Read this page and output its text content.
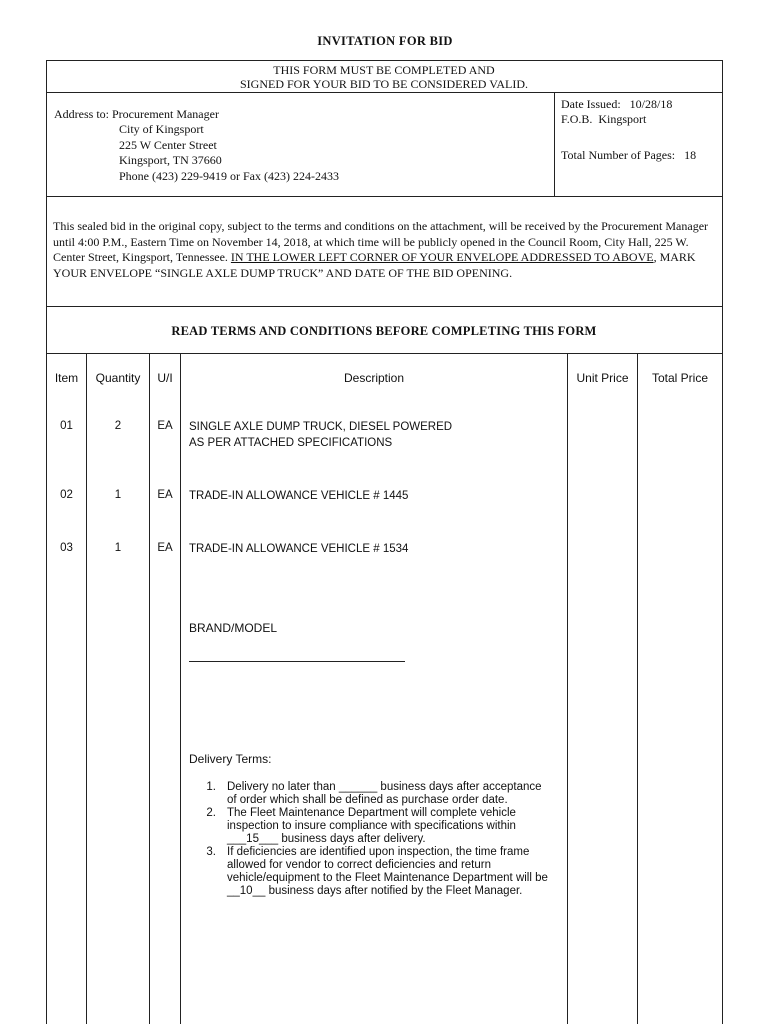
INVITATION FOR BID
THIS FORM MUST BE COMPLETED AND
SIGNED FOR YOUR BID TO BE CONSIDERED VALID.
Address to: Procurement Manager
City of Kingsport
225 W Center Street
Kingsport, TN 37660
Phone (423) 229-9419 or Fax (423) 224-2433
Date Issued:   10/28/18
F.O.B.  Kingsport
Total Number of Pages:   18
This sealed bid in the original copy, subject to the terms and conditions on the attachment, will be received by the Procurement Manager until 4:00 P.M., Eastern Time on November 14, 2018, at which time will be publicly opened in the Council Room, City Hall, 225 W. Center Street, Kingsport, Tennessee. IN THE LOWER LEFT CORNER OF YOUR ENVELOPE ADDRESSED TO ABOVE, MARK YOUR ENVELOPE “SINGLE AXLE DUMP TRUCK” AND DATE OF THE BID OPENING.
READ TERMS AND CONDITIONS BEFORE COMPLETING THIS FORM
Item	Quantity	U/I	Description	Unit Price	Total Price
01	2	EA	SINGLE AXLE DUMP TRUCK, DIESEL POWERED
AS PER ATTACHED SPECIFICATIONS
02	1	EA	TRADE-IN ALLOWANCE VEHICLE # 1445
03	1	EA	TRADE-IN ALLOWANCE VEHICLE # 1534
BRAND/MODEL
Delivery Terms:
1. Delivery no later than ______ business days after acceptance of order which shall be defined as purchase order date.
2. The Fleet Maintenance Department will complete vehicle inspection to insure compliance with specifications within ___15___ business days after delivery.
3. If deficiencies are identified upon inspection, the time frame allowed for vendor to correct deficiencies and return vehicle/equipment to the Fleet Maintenance Department will be __10__ business days after notified by the Fleet Manager.
